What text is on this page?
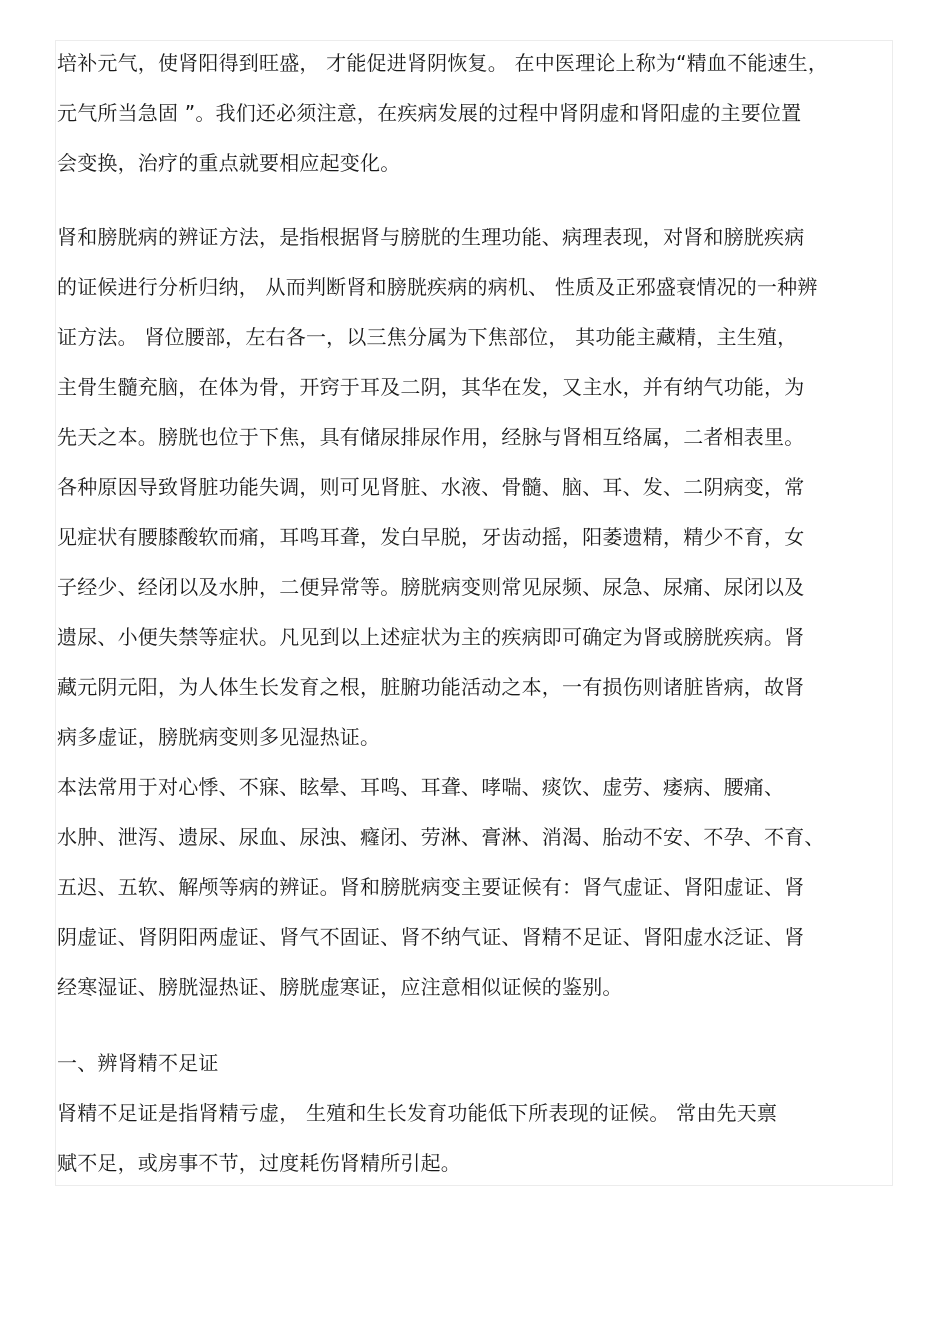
培补元气，使肾阳得到旺盛， 才能促进肾阴恢复。 在中医理论上称为“精血不能速生，
元气所当急固 ”。我们还必须注意，在疾病发展的过程中肾阴虚和肾阳虚的主要位置
会变换，治疗的重点就要相应起变化。
肾和膀胱病的辨证方法，是指根据肾与膀胱的生理功能、病理表现，对肾和膀胱疾病
的证候进行分析归纳， 从而判断肾和膀胱疾病的病机、 性质及正邪盛衰情况的一种辨
证方法。 肾位腰部，左右各一，以三焦分属为下焦部位， 其功能主藏精，主生殖，
主骨生髓充脑，在体为骨，开窍于耳及二阴，其华在发，又主水，并有纳气功能，为
先天之本。膀胱也位于下焦，具有储尿排尿作用，经脉与肾相互络属，二者相表里。
各种原因导致肾脏功能失调，则可见肾脏、水液、骨髓、脑、耳、发、二阴病变，常
见症状有腰膝酸软而痛，耳鸣耳聋，发白早脱，牙齿动摇，阳萎遗精，精少不育，女
子经少、经闭以及水肿，二便异常等。膀胱病变则常见尿频、尿急、尿痛、尿闭以及
遗尿、小便失禁等症状。凡见到以上述症状为主的疾病即可确定为肾或膀胱疾病。肾
藏元阴元阳，为人体生长发育之根，脏腑功能活动之本，一有损伤则诸脏皆病，故肾
病多虚证，膀胱病变则多见湿热证。
本法常用于对心悸、不寐、眩晕、耳鸣、耳聋、哮喘、痰饮、虚劳、痿病、腰痛、
水肿、泄泻、遗尿、尿血、尿浊、癃闭、劳淋、膏淋、消渴、胎动不安、不孕、不育、
五迟、五软、解颅等病的辨证。肾和膀胱病变主要证候有：肾气虚证、肾阳虚证、肾
阴虚证、肾阴阳两虚证、肾气不固证、肾不纳气证、肾精不足证、肾阳虚水泛证、肾
经寒湿证、膀胱湿热证、膀胱虚寒证，应注意相似证候的鉴别。
一、辨肾精不足证
肾精不足证是指肾精亏虚， 生殖和生长发育功能低下所表现的证候。 常由先天禀
赋不足，或房事不节，过度耗伤肾精所引起。
